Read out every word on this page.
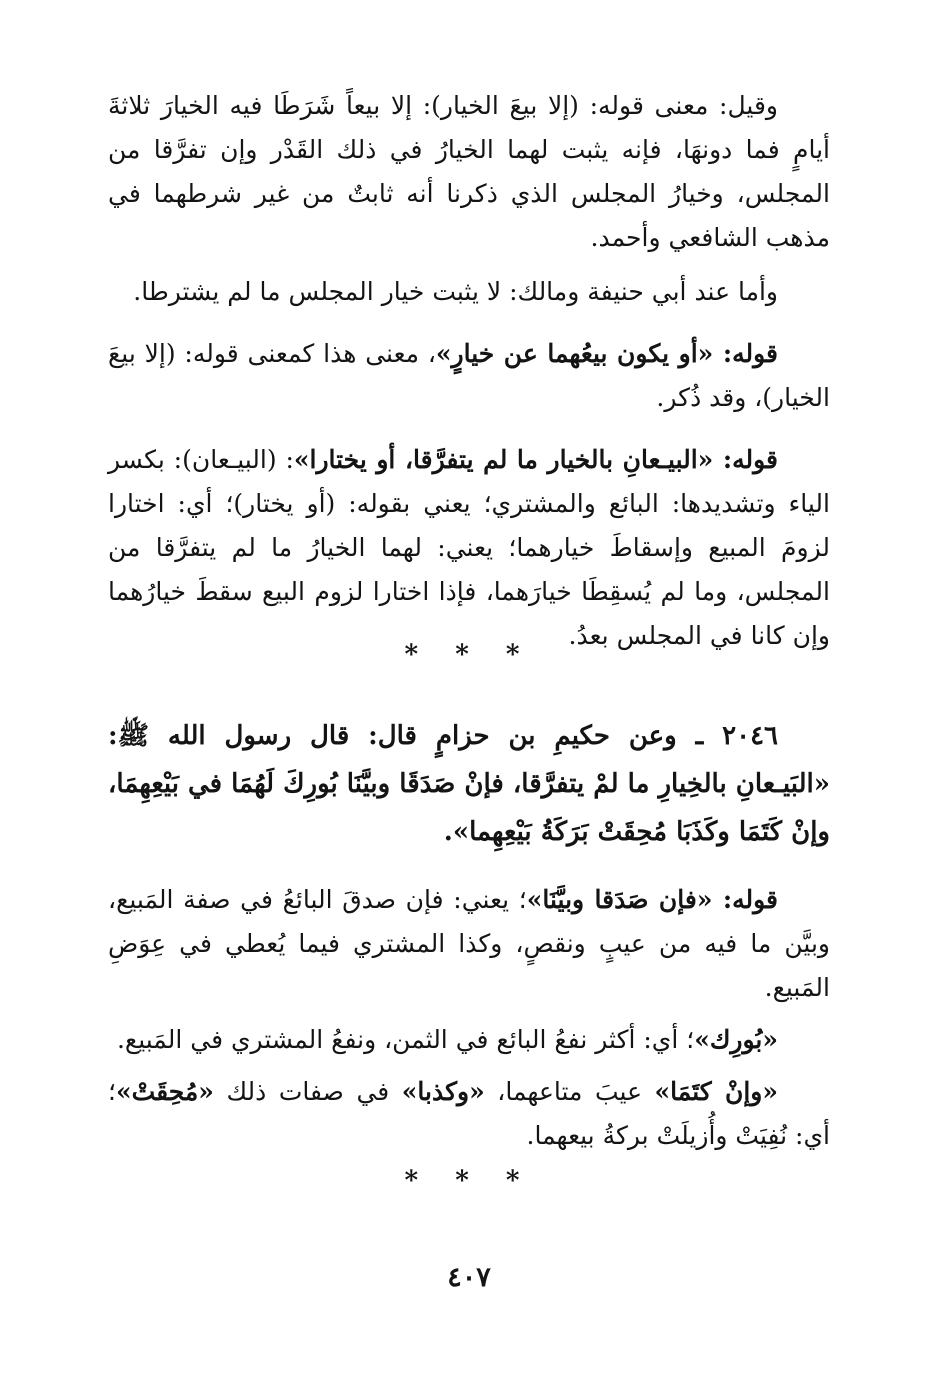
وقيل: معنى قوله: (إلا بيعَ الخيار): إلا بيعاً شَرَطَا فيه الخيارَ ثلاثةَ أيامٍ فما دونهَا، فإنه يثبت لهما الخيارُ في ذلك القَدْر وإن تفرَّقا من المجلس، وخيارُ المجلس الذي ذكرنا أنه ثابتٌ من غير شرطهما في مذهب الشافعي وأحمد.

وأما عند أبي حنيفة ومالك: لا يثبت خيار المجلس ما لم يشترطا.

قوله: «أو يكون بيعُهما عن خيارٍ»، معنى هذا كمعنى قوله: (إلا بيعَ الخيار)، وقد ذُكر.

قوله: «البيـعانِ بالخيار ما لم يتفرَّقا، أو يختارا»: (البيـعان): بكسر الياء وتشديدها: البائع والمشتري؛ يعني بقوله: (أو يختار)؛ أي: اختارا لزومَ المبيع وإسقاطَ خيارهما؛ يعني: لهما الخيارُ ما لم يتفرَّقا من المجلس، وما لم يُسقِطَا خيارَهما، فإذا اختارا لزوم البيع سقطَ خيارُهما وإن كانا في المجلس بعدُ.

* * *

٢٠٤٦ ـ وعن حكيمِ بن حزامٍ قال: قال رسول الله ﷺ: «البَيـعانِ بالخِيارِ ما لمْ يتفرَّقا، فإنْ صَدَقَا وبيَّنَا بُورِكَ لَهُمَا في بَيْعِهِمَا، وإنْ كَتَمَا وكَذَبَا مُحِقَتْ بَرَكَةُ بَيْعِهِما».

قوله: «فإن صَدَقا وبيَّنَا»؛ يعني: فإن صدقَ البائعُ في صفة المَبيع، وبيَّن ما فيه من عيبٍ ونقصٍ، وكذا المشتري فيما يُعطي في عِوَضِ المَبيع.

«بُورِك»؛ أي: أكثر نفعُ البائع في الثمن، ونفعُ المشتري في المَبيع.

«وإنْ كتَمَا» عيبَ متاعهما، «وكذبا» في صفات ذلك «مُحِقَتْ»؛ أي: نُفِيَتْ وأُزيلَتْ بركةُ بيعهما.

* * *
٤٠٧
